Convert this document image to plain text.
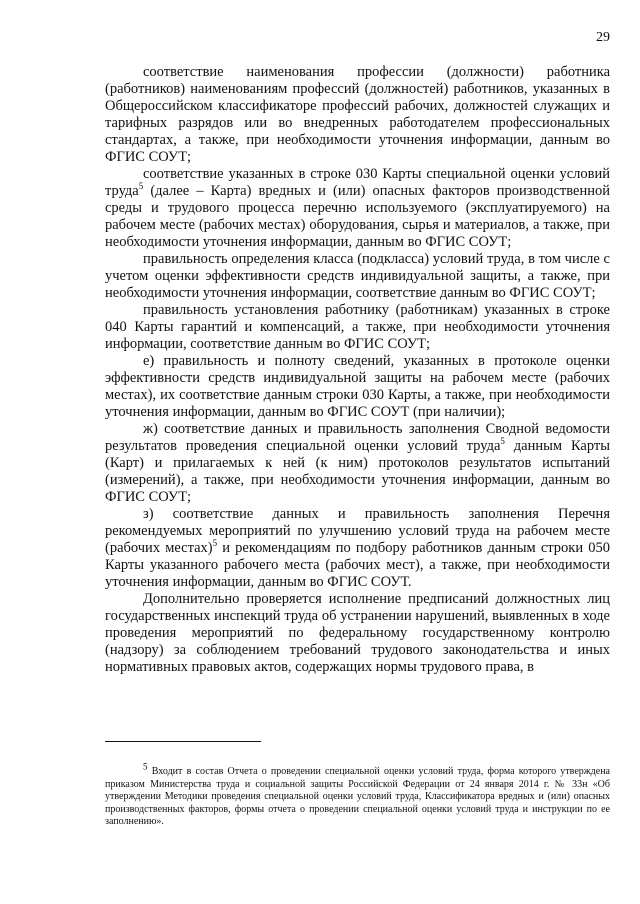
29

соответствие наименования профессии (должности) работника (работников) наименованиям профессий (должностей) работников, указанных в Общероссийском классификаторе профессий рабочих, должностей служащих и тарифных разрядов или во внедренных работодателем профессиональных стандартах, а также, при необходимости уточнения информации, данным во ФГИС СОУТ;

соответствие указанных в строке 030 Карты специальной оценки условий труда$^5$ (далее – Карта) вредных и (или) опасных факторов производственной среды и трудового процесса перечню используемого (эксплуатируемого) на рабочем месте (рабочих местах) оборудования, сырья и материалов, а также, при необходимости уточнения информации, данным во ФГИС СОУТ;

правильность определения класса (подкласса) условий труда, в том числе с учетом оценки эффективности средств индивидуальной защиты, а также, при необходимости уточнения информации, соответствие данным во ФГИС СОУТ;

правильность установления работнику (работникам) указанных в строке 040 Карты гарантий и компенсаций, а также, при необходимости уточнения информации, соответствие данным во ФГИС СОУТ;

е) правильность и полноту сведений, указанных в протоколе оценки эффективности средств индивидуальной защиты на рабочем месте (рабочих местах), их соответствие данным строки 030 Карты, а также, при необходимости уточнения информации, данным во ФГИС СОУТ (при наличии);

ж) соответствие данных и правильность заполнения Сводной ведомости результатов проведения специальной оценки условий труда$^5$ данным Карты (Карт) и прилагаемых к ней (к ним) протоколов результатов испытаний (измерений), а также, при необходимости уточнения информации, данным во ФГИС СОУТ;

з) соответствие данных и правильность заполнения Перечня рекомендуемых мероприятий по улучшению условий труда на рабочем месте (рабочих местах)$^5$ и рекомендациям по подбору работников данным строки 050 Карты указанного рабочего места (рабочих мест), а также, при необходимости уточнения информации, данным во ФГИС СОУТ.

Дополнительно проверяется исполнение предписаний должностных лиц государственных инспекций труда об устранении нарушений, выявленных в ходе проведения мероприятий по федеральному государственному контролю (надзору) за соблюдением требований трудового законодательства и иных нормативных правовых актов, содержащих нормы трудового права, в

5 Входит в состав Отчета о проведении специальной оценки условий труда, форма которого утверждена приказом Министерства труда и социальной защиты Российской Федерации от 24 января 2014 г. № 33н «Об утверждении Методики проведения специальной оценки условий труда, Классификатора вредных и (или) опасных производственных факторов, формы отчета о проведении специальной оценки условий труда и инструкции по ее заполнению».
